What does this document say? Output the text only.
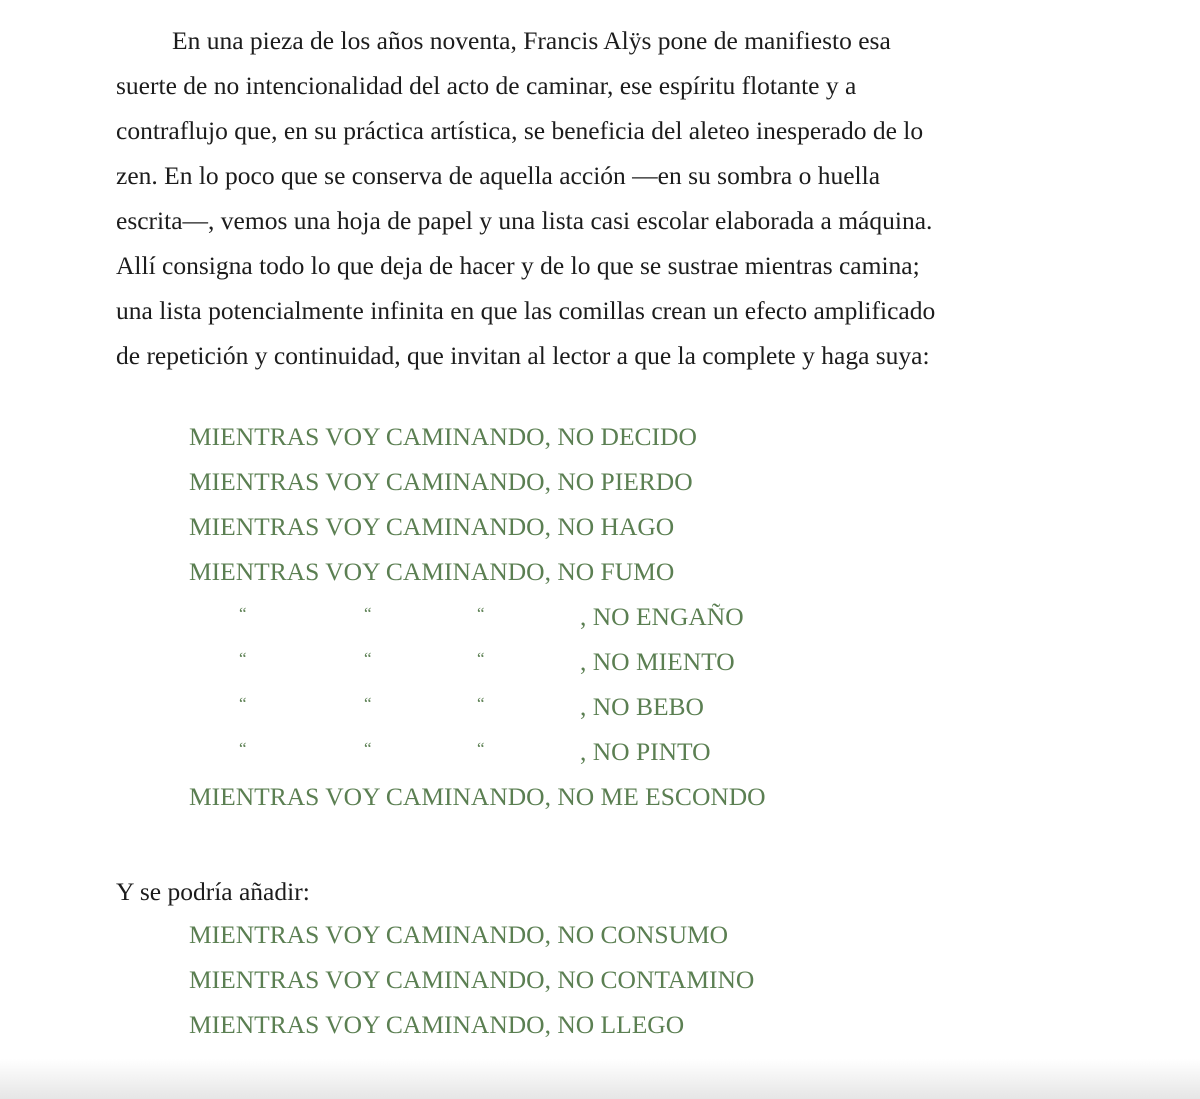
En una pieza de los años noventa, Francis Alÿs pone de manifiesto esa
suerte de no intencionalidad del acto de caminar, ese espíritu flotante y a
contraflujo que, en su práctica artística, se beneficia del aleteo inesperado de lo
zen. En lo poco que se conserva de aquella acción —en su sombra o huella
escrita—, vemos una hoja de papel y una lista casi escolar elaborada a máquina.
Allí consigna todo lo que deja de hacer y de lo que se sustrae mientras camina;
una lista potencialmente infinita en que las comillas crean un efecto amplificado
de repetición y continuidad, que invitan al lector a que la complete y haga suya:

MIENTRAS VOY CAMINANDO, NO DECIDO
MIENTRAS VOY CAMINANDO, NO PIERDO
MIENTRAS VOY CAMINANDO, NO HAGO
MIENTRAS VOY CAMINANDO, NO FUMO
“	“	“	, NO ENGAÑO
“	“	“	, NO MIENTO
“	“	“	, NO BEBO
“	“	“	, NO PINTO
MIENTRAS VOY CAMINANDO, NO ME ESCONDO

Y se podría añadir:

MIENTRAS VOY CAMINANDO, NO CONSUMO
MIENTRAS VOY CAMINANDO, NO CONTAMINO
MIENTRAS VOY CAMINANDO, NO LLEGO
